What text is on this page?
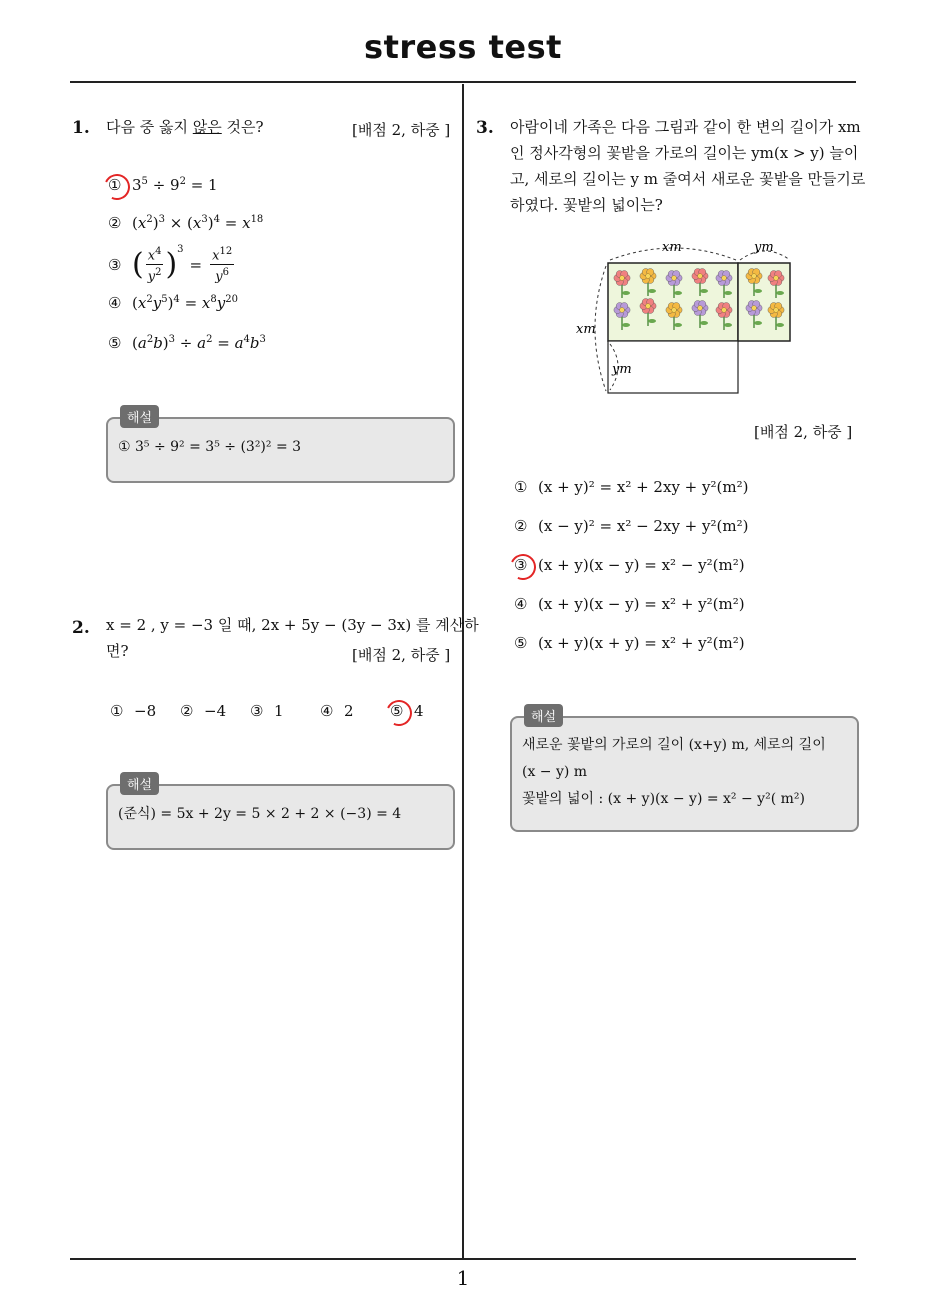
stress test
1
1. 다음 중 옳지 않은 것은?	[배점 2, 하중 ]
① $3^5 \div 9^2 = 1$
② $(x^2)^3 \times (x^3)^4 = x^{18}$
③ ( $\frac{x^4}{y^2} )^3$
= $\frac{x^{12}}{y^6}$
④ $(x^2y^5)^4 = x^8y^{20}$
⑤ $(a^2b)^3 \div a^2 = a^4b^3$
해설
① 3⁵ ÷ 9² = 3⁵ ÷ (3²)² = 3
2. x = 2 , y = −3 일 때, 2x + 5y − (3y − 3x) 를 계산하
면?	[배점 2, 하중 ]
① −8 ② −4 ③ 1 ④ 2 ⑤ 4
해설
(준식) = 5x + 2y = 5 × 2 + 2 × (−3) = 4
3. 아람이네 가족은 다음 그림과 같이 한 변의 길이가 xm
인 정사각형의 꽃밭을 가로의 길이는 ym(x > y) 늘이
고, 세로의 길이는 y m 줄여서 새로운 꽃밭을 만들기로
하였다. 꽃밭의 넓이는?
xm	ym
xm
ym
[배점 2, 하중 ]
① (x + y)² = x² + 2xy + y²(m²)
② (x − y)² = x² − 2xy + y²(m²)
③ (x + y)(x − y) = x² − y²(m²)
④ (x + y)(x − y) = x² + y²(m²)
⑤ (x + y)(x + y) = x² + y²(m²)
해설
새로운 꽃밭의 가로의 길이 (x+y) m, 세로의 길이
(x − y) m
꽃밭의 넓이 : (x + y)(x − y) = x² − y²( m²)
